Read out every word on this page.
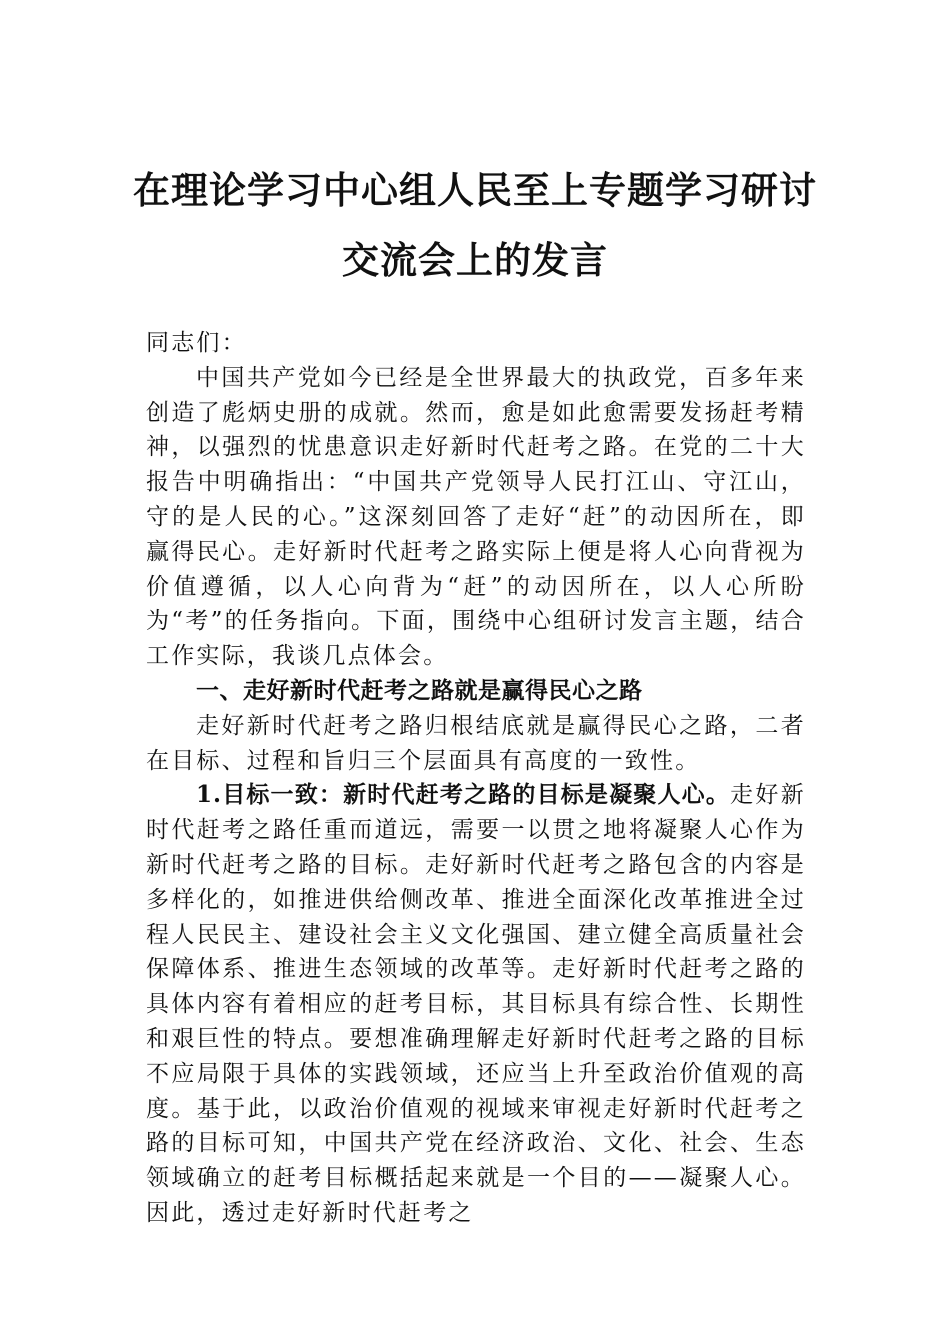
在理论学习中心组人民至上专题学习研讨
交流会上的发言

同志们：

中国共产党如今已经是全世界最大的执政党，百多年来创造了彪炳史册的成就。然而，愈是如此愈需要发扬赶考精神，以强烈的忧患意识走好新时代赶考之路。在党的二十大报告中明确指出：“中国共产党领导人民打江山、守江山，守的是人民的心。”这深刻回答了走好“赶”的动因所在，即赢得民心。走好新时代赶考之路实际上便是将人心向背视为价值遵循，以人心向背为“赶”的动因所在，以人心所盼为“考”的任务指向。下面，围绕中心组研讨发言主题，结合工作实际，我谈几点体会。

一、走好新时代赶考之路就是赢得民心之路

走好新时代赶考之路归根结底就是赢得民心之路，二者在目标、过程和旨归三个层面具有高度的一致性。

1.目标一致：新时代赶考之路的目标是凝聚人心。走好新时代赶考之路任重而道远，需要一以贯之地将凝聚人心作为新时代赶考之路的目标。走好新时代赶考之路包含的内容是多样化的，如推进供给侧改革、推进全面深化改革推进全过程人民民主、建设社会主义文化强国、建立健全高质量社会保障体系、推进生态领域的改革等。走好新时代赶考之路的具体内容有着相应的赶考目标，其目标具有综合性、长期性和艰巨性的特点。要想准确理解走好新时代赶考之路的目标不应局限于具体的实践领域，还应当上升至政治价值观的高度。基于此，以政治价值观的视域来审视走好新时代赶考之路的目标可知，中国共产党在经济政治、文化、社会、生态领域确立的赶考目标概括起来就是一个目的——凝聚人心。因此，透过走好新时代赶考之
